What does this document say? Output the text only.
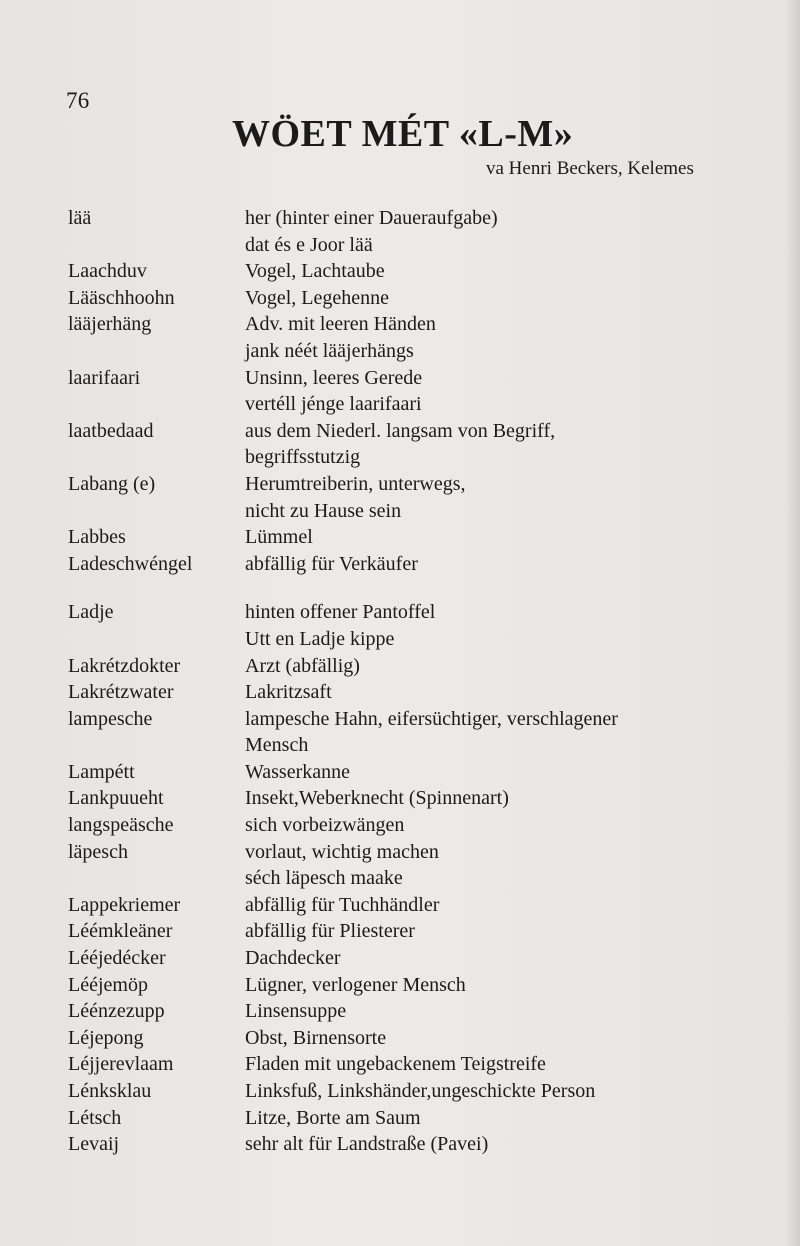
76
WÖET MÉT «L-M»
va Henri Beckers, Kelemes
lää	her (hinter einer Daueraufgabe)
dat és e Joor lää
Laachduv	Vogel, Lachtaube
Lääschhoohn	Vogel, Legehenne
lääjerhäng	Adv. mit leeren Händen
jank néét lääjerhängs
laarifaari	Unsinn, leeres Gerede
vertéll jénge laarifaari
laatbedaad	aus dem Niederl. langsam von Begriff,
begriffsstutzig
Labang (e)	Herumtreiberin, unterwegs,
nicht zu Hause sein
Labbes	Lümmel
Ladeschwéngel	abfällig für Verkäufer
Ladje	hinten offener Pantoffel
Utt en Ladje kippe
Lakrétzdokter	Arzt (abfällig)
Lakrétzwater	Lakritzsaft
lampesche	lampesche Hahn, eifersüchtiger, verschlagener
Mensch
Lampétt	Wasserkanne
Lankpuueht	Insekt,Weberknecht (Spinnenart)
langspeäsche	sich vorbeizwängen
läpesch	vorlaut, wichtig machen
séch läpesch maake
Lappekriemer	abfällig für Tuchhändler
Léémkleäner	abfällig für Pliesterer
Lééjedécker	Dachdecker
Lééjemöp	Lügner, verlogener Mensch
Léénzezupp	Linsensuppe
Léjepong	Obst, Birnensorte
Léjjerevlaam	Fladen mit ungebackenem Teigstreife
Lénksklau	Linksfuß, Linkshänder,ungeschickte Person
Létsch	Litze, Borte am Saum
Levaij	sehr alt für Landstraße (Pavei)
